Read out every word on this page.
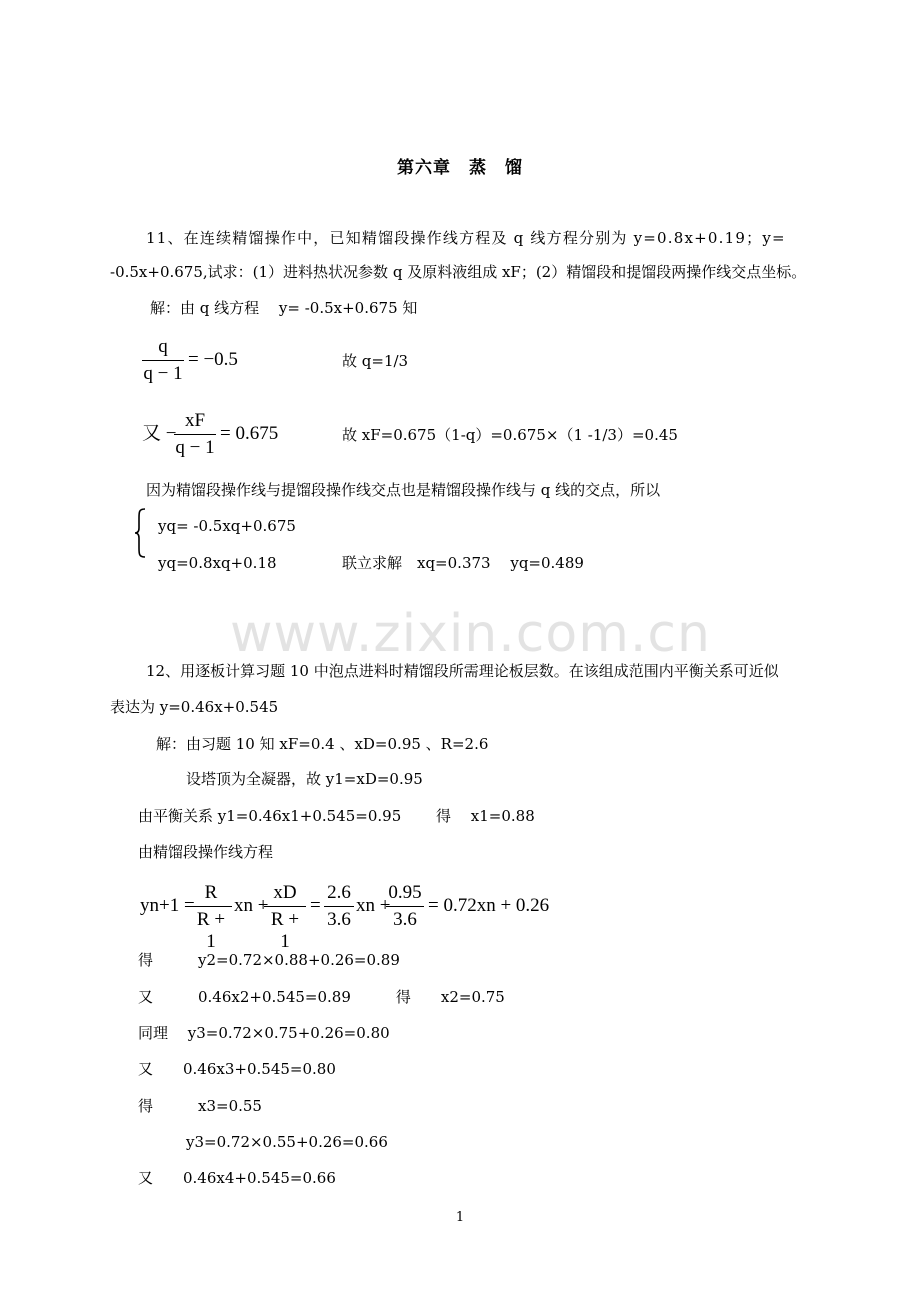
www.zixin.com.cn
第六章　蒸　馏
11、在连续精馏操作中，已知精馏段操作线方程及 q 线方程分别为 y=0.8x+0.19；y=
-0.5x+0.675,试求：(1）进料热状况参数 q 及原料液组成 xF；(2）精馏段和提馏段两操作线交点坐标。
解：由 q 线方程　 y= -0.5x+0.675 知
q
q − 1
= −0.5	故 q=1/3
又 −
xF
q − 1
= 0.675	故 xF=0.675（1-q）=0.675×（1 -1/3）=0.45
因为精馏段操作线与提馏段操作线交点也是精馏段操作线与 q 线的交点，所以
yq= -0.5xq+0.675
yq=0.8xq+0.18	联立求解　xq=0.373　 yq=0.489
12、用逐板计算习题 10 中泡点进料时精馏段所需理论板层数。在该组成范围内平衡关系可近似
表达为 y=0.46x+0.545
解：由习题 10 知 xF=0.4 、xD=0.95 、R=2.6
设塔顶为全凝器，故 y1=xD=0.95
由平衡关系 y1=0.46x1+0.545=0.95　　 得　 x1=0.88
由精馏段操作线方程
yn+1 =
R
R + 1
xn +
xD
R + 1
=
2.6
3.6
xn +
0.95
3.6
= 0.72xn + 0.26
得　　　y2=0.72×0.88+0.26=0.89
又　　　0.46x2+0.545=0.89　　　得　　x2=0.75
同理　 y3=0.72×0.75+0.26=0.80
又　　0.46x3+0.545=0.80
得　　　x3=0.55
y3=0.72×0.55+0.26=0.66
又　　0.46x4+0.545=0.66
1
